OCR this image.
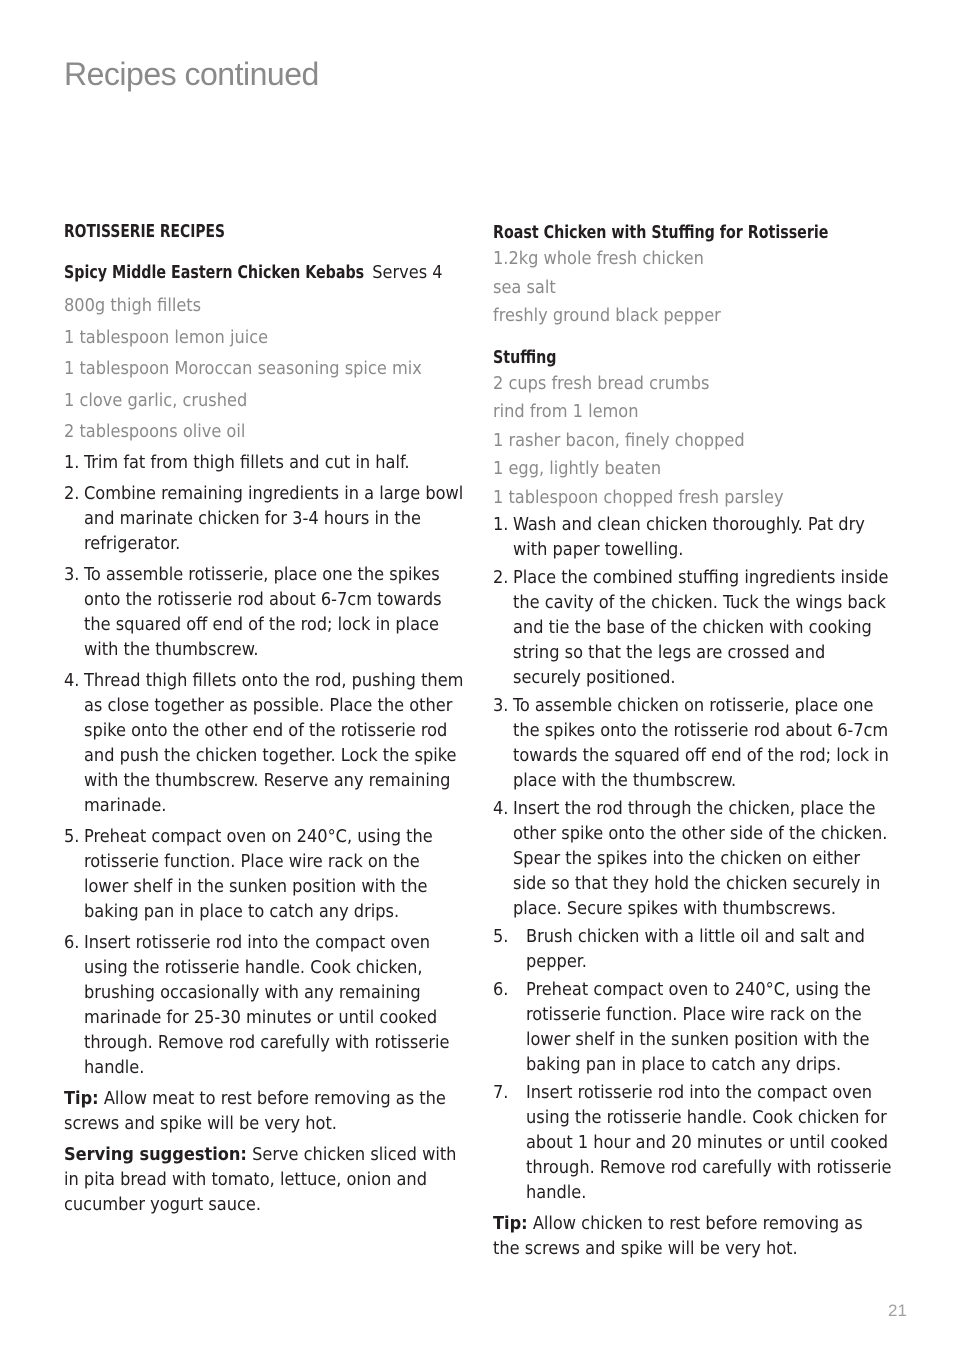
Recipes continued

ROTISSERIE RECIPES

Spicy Middle Eastern Chicken Kebabs Serves 4

800g thigh fillets
1 tablespoon lemon juice
1 tablespoon Moroccan seasoning spice mix
1 clove garlic, crushed
2 tablespoons olive oil
1. Trim fat from thigh fillets and cut in half.
2. Combine remaining ingredients in a large bowl and marinate chicken for 3-4 hours in the refrigerator.
3. To assemble rotisserie, place one the spikes onto the rotisserie rod about 6-7cm towards the squared off end of the rod; lock in place with the thumbscrew.
4. Thread thigh fillets onto the rod, pushing them as close together as possible. Place the other spike onto the other end of the rotisserie rod and push the chicken together. Lock the spike with the thumbscrew. Reserve any remaining marinade.
5. Preheat compact oven on 240°C, using the rotisserie function. Place wire rack on the lower shelf in the sunken position with the baking pan in place to catch any drips.
6. Insert rotisserie rod into the compact oven using the rotisserie handle. Cook chicken, brushing occasionally with any remaining marinade for 25-30 minutes or until cooked through. Remove rod carefully with rotisserie handle.

Tip: Allow meat to rest before removing as the screws and spike will be very hot.

Serving suggestion: Serve chicken sliced with in pita bread with tomato, lettuce, onion and cucumber yogurt sauce.

Roast Chicken with Stuffing for Rotisserie

1.2kg whole fresh chicken
sea salt
freshly ground black pepper

Stuffing

2 cups fresh bread crumbs
rind from 1 lemon
1 rasher bacon, finely chopped
1 egg, lightly beaten
1 tablespoon chopped fresh parsley
1. Wash and clean chicken thoroughly. Pat dry with paper towelling.
2. Place the combined stuffing ingredients inside the cavity of the chicken. Tuck the wings back and tie the base of the chicken with cooking string so that the legs are crossed and securely positioned.
3. To assemble chicken on rotisserie, place one the spikes onto the rotisserie rod about 6-7cm towards the squared off end of the rod; lock in place with the thumbscrew.
4. Insert the rod through the chicken, place the other spike onto the other side of the chicken. Spear the spikes into the chicken on either side so that they hold the chicken securely in place. Secure spikes with thumbscrews.
5. Brush chicken with a little oil and salt and pepper.
6. Preheat compact oven to 240°C, using the rotisserie function. Place wire rack on the lower shelf in the sunken position with the baking pan in place to catch any drips.
7. Insert rotisserie rod into the compact oven using the rotisserie handle. Cook chicken for about 1 hour and 20 minutes or until cooked through. Remove rod carefully with rotisserie handle.

Tip: Allow chicken to rest before removing as the screws and spike will be very hot.

21
